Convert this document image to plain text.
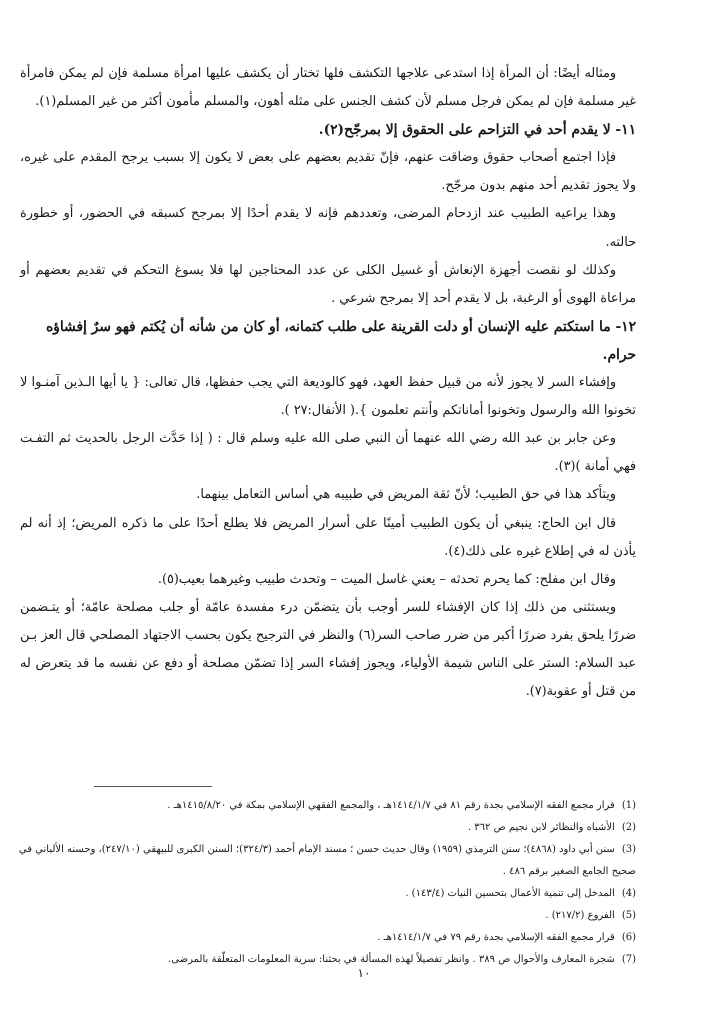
ومثاله أيضًا: أن المرأة إذا استدعى علاجها التكشف فلها تختار أن يكشف عليها امرأة مسلمة فإن لم يمكن فامرأة غير مسلمة فإن لم يمكن فرجل مسلم لأن كشف الجنس على مثله أهون، والمسلم مأمون أكثر من غير المسلم(١).

١١- لا يقدم أحد في التزاحم على الحقوق إلا بمرجّح(٢).

فإذا اجتمع أصحاب حقوق وضاقت عنهم، فإنّ تقديم بعضهم على بعض لا يكون إلا بسبب يرجح المقدم على غيره، ولا يجوز تقديم أحد منهم بدون مرجّح.

وهذا يراعيه الطبيب عند ازدحام المرضى، وتعددهم فإنه لا يقدم أحدًا إلا بمرجح كسبقه في الحضور، أو خطورة حالته.

وكذلك لو نقصت أجهزة الإنعاش أو غسيل الكلى عن عدد المحتاجين لها فلا يسوغ التحكم في تقديم بعضهم أو مراعاة الهوى أو الرغبة، بل لا يقدم أحد إلا بمرجح شرعي .

١٢- ما استكتم عليه الإنسان أو دلت القرينة على طلب كتمانه، أو كان من شأنه أن يُكتم فهو سرٌ إفشاؤه حرام.

وإفشاء السر لا يجوز لأنه من قبيل حفظ العهد، فهو كالوديعة التي يجب حفظها، قال تعالى: { يا أيها الـذين آمنـوا لا تخونوا الله والرسول وتخونوا أماناتكم وأنتم تعلمون }.( الأنفال:٢٧ ).

وعن جابر بن عبد الله رضي الله عنهما أن النبي صلى الله عليه وسلم قال : ( إذا حَدَّث الرجل بالحديث ثم التفـت فهي أمانة )(٣).

ويتأكد هذا في حق الطبيب؛ لأنّ ثقة المريض في طبيبه هي أساس التعامل بينهما.

قال ابن الحاج: ينبغي أن يكون الطبيب أمينًا على أسرار المريض فلا يطلع أحدًا على ما ذكره المريض؛ إذ أنه لم يأذن له في إطلاع غيره على ذلك(٤).

وقال ابن مفلح: كما يحرم تحدثه – يعني غاسل الميت – وتحدث طبيب وغيرهما بعيب(٥).

ويستثنى من ذلك إذا كان الإفشاء للسر أوجب بأن يتضمّن درء مفسدة عامّة أو جلب مصلحة عامّة؛ أو يتـضمن ضررًا يلحق بفرد ضررًا أكبر من ضرر صاحب السر(٦) والنظر في الترجيح يكون بحسب الاجتهاد المصلحي قال العز بـن عبد السلام: الستر على الناس شيمة الأولياء، ويجوز إفشاء السر إذا تضمّن مصلحة أو دفع عن نفسه ما قد يتعرض له من قتل أو عقوبة(٧).

(1) قرار مجمع الفقه الإسلامي بجدة رقم ٨١ في ١٤١٤/١/٧هـ ، والمجمع الفقهي الإسلامي بمكة في ١٤١٥/٨/٢٠هـ .

(2) الأشباه والنظائر لابن نجيم ص ٣٦٢ .

(3) سنن أبي داود (٤٨٦٨)؛ سنن الترمذي (١٩٥٩) وقال حديث حسن ؛ مسند الإمام أحمد (٣٢٤/٣)؛ السنن الكبرى للبيهقي (٢٤٧/١٠)، وحسنه الألباني في صحيح الجامع الصغير برقم ٤٨٦ .

(4) المدخل إلى تنمية الأعمال بتحسين النيات (١٤٣/٤) .

(5) الفروع (٢١٧/٢) .

(6) قرار مجمع الفقه الإسلامي بجدة رقم ٧٩ في ١٤١٤/١/٧هـ .

(7) شجرة المعارف والأحوال ص ٣٨٩ . وانظر تفصيلاً لهذه المسألة في بحثنا: سرية المعلومات المتعلّقة بالمرضى.

١٠
